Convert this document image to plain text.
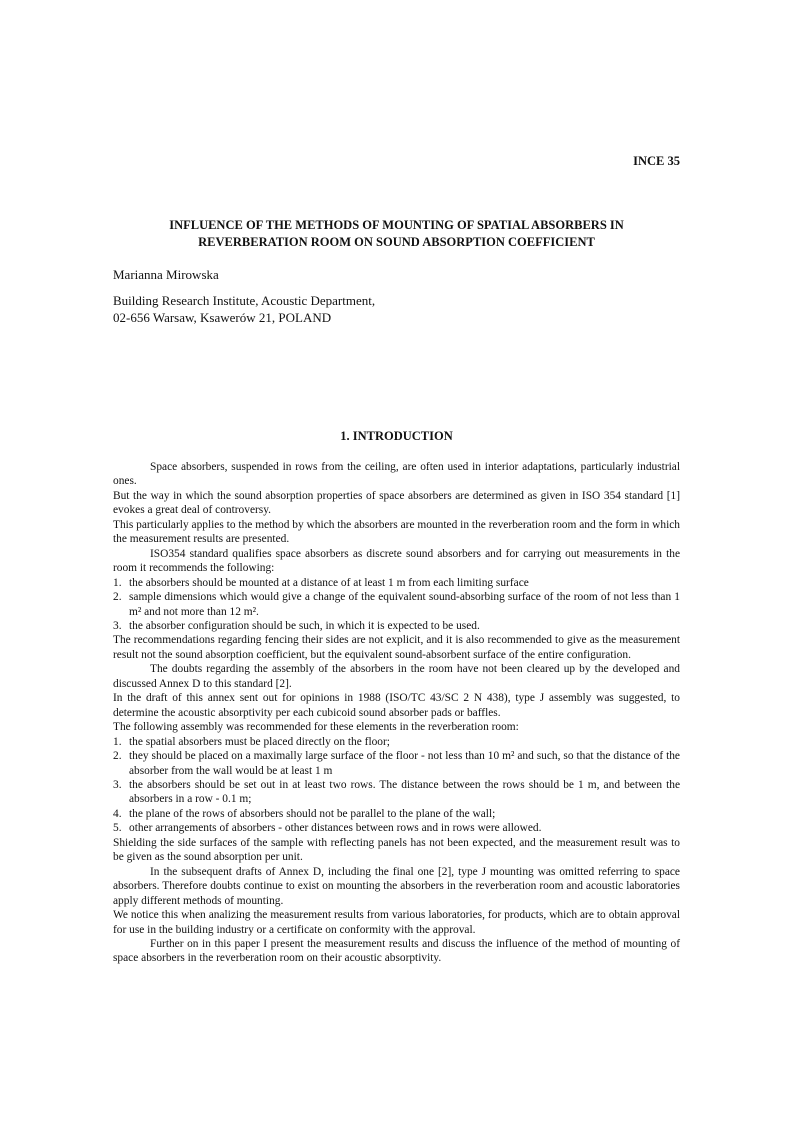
INCE 35
INFLUENCE OF THE METHODS OF MOUNTING OF SPATIAL ABSORBERS IN
REVERBERATION ROOM ON SOUND ABSORPTION COEFFICIENT
Marianna Mirowska
Building Research Institute, Acoustic Department,
02-656 Warsaw, Ksawerów 21, POLAND
1. INTRODUCTION

Space absorbers, suspended in rows from the ceiling, are often used in interior adaptations, particularly industrial ones.

But the way in which the sound absorption properties of space absorbers are determined as given in ISO 354 standard [1] evokes a great deal of controversy.

This particularly applies to the method by which the absorbers are mounted in the reverberation room and the form in which the measurement results are presented.

ISO354 standard qualifies space absorbers as discrete sound absorbers and for carrying out measurements in the room it recommends the following:

1. the absorbers should be mounted at a distance of at least 1 m from each limiting surface
2. sample dimensions which would give a change of the equivalent sound-absorbing surface of the room of not less than 1 m² and not more than 12 m².
3. the absorber configuration should be such, in which it is expected to be used.

The recommendations regarding fencing their sides are not explicit, and it is also recommended to give as the measurement result not the sound absorption coefficient, but the equivalent sound-absorbent surface of the entire configuration.

The doubts regarding the assembly of the absorbers in the room have not been cleared up by the developed and discussed Annex D to this standard [2].

In the draft of this annex sent out for opinions in 1988 (ISO/TC 43/SC 2 N 438), type J assembly was suggested, to determine the acoustic absorptivity per each cubicoid sound absorber pads or baffles.

The following assembly was recommended for these elements in the reverberation room:

1. the spatial absorbers must be placed directly on the floor;
2. they should be placed on a maximally large surface of the floor - not less than 10 m² and such, so that the distance of the absorber from the wall would be at least 1 m
3. the absorbers should be set out in at least two rows. The distance between the rows should be 1 m, and between the absorbers in a row - 0.1 m;
4. the plane of the rows of absorbers should not be parallel to the plane of the wall;
5. other arrangements of absorbers - other distances between rows and in rows were allowed.

Shielding the side surfaces of the sample with reflecting panels has not been expected, and the measurement result was to be given as the sound absorption per unit.

In the subsequent drafts of Annex D, including the final one [2], type J mounting was omitted referring to space absorbers. Therefore doubts continue to exist on mounting the absorbers in the reverberation room and acoustic laboratories apply different methods of mounting.

We notice this when analizing the measurement results from various laboratories, for products, which are to obtain approval for use in the building industry or a certificate on conformity with the approval.

Further on in this paper I present the measurement results and discuss the influence of the method of mounting of space absorbers in the reverberation room on their acoustic absorptivity.
